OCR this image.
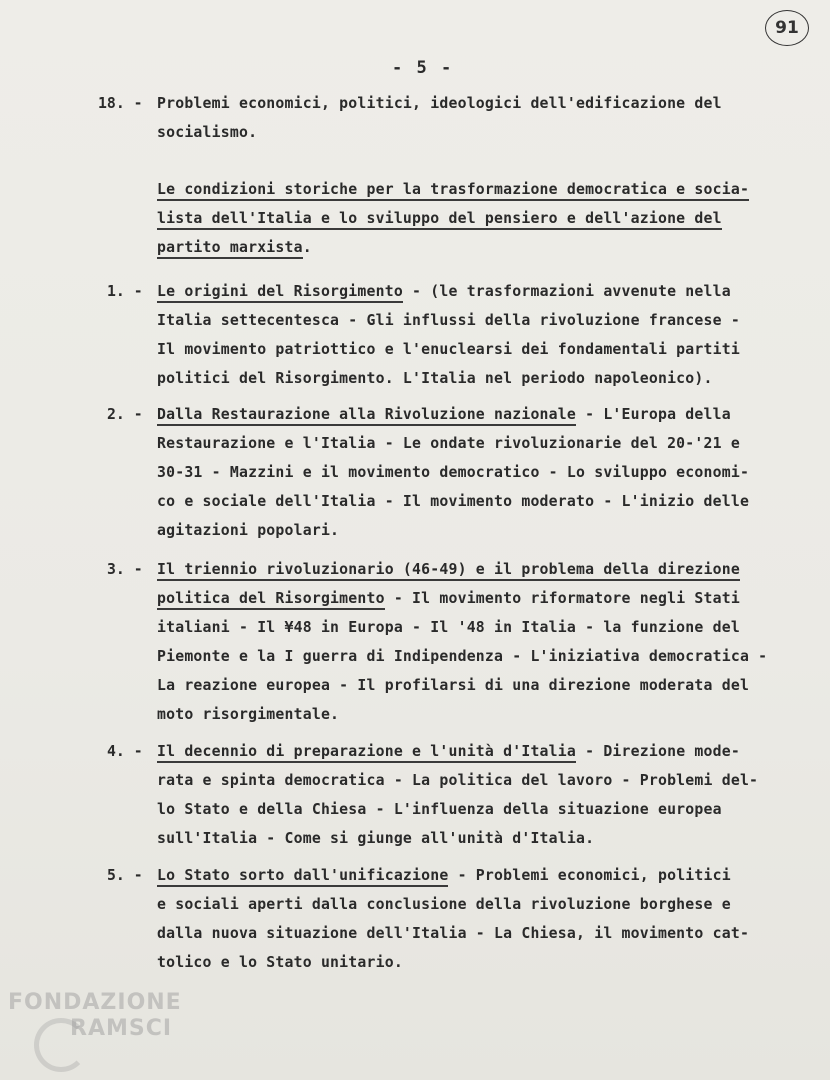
91
- 5 -
18. - Problemi economici, politici, ideologici dell'edificazione del
socialismo.
Le condizioni storiche per la trasformazione democratica e socia-
lista dell'Italia e lo sviluppo del pensiero e dell'azione del
partito marxista.
1. - Le origini del Risorgimento - (le trasformazioni avvenute nella
Italia settecentesca - Gli influssi della rivoluzione francese -
Il movimento patriottico e l'enuclearsi dei fondamentali partiti
politici del Risorgimento. L'Italia nel periodo napoleonico).
2. - Dalla Restaurazione alla Rivoluzione nazionale - L'Europa della
Restaurazione e l'Italia - Le ondate rivoluzionarie del 20-'21 e
30-31 - Mazzini e il movimento democratico - Lo sviluppo economi-
co e sociale dell'Italia - Il movimento moderato - L'inizio delle
agitazioni popolari.
3. - Il triennio rivoluzionario (46-49) e il problema della direzione
politica del Risorgimento - Il movimento riformatore negli Stati
italiani - Il ¥48 in Europa - Il '48 in Italia - la funzione del
Piemonte e la I guerra di Indipendenza - L'iniziativa democratica -
La reazione europea - Il profilarsi di una direzione moderata del
moto risorgimentale.
4. - Il decennio di preparazione e l'unità d'Italia - Direzione mode-
rata e spinta democratica - La politica del lavoro - Problemi del-
lo Stato e della Chiesa - L'influenza della situazione europea
sull'Italia - Come si giunge all'unità d'Italia.
5. - Lo Stato sorto dall'unificazione - Problemi economici, politici
e sociali aperti dalla conclusione della rivoluzione borghese e
dalla nuova situazione dell'Italia - La Chiesa, il movimento cat-
tolico e lo Stato unitario.
FONDAZIONE
RAMSCI
